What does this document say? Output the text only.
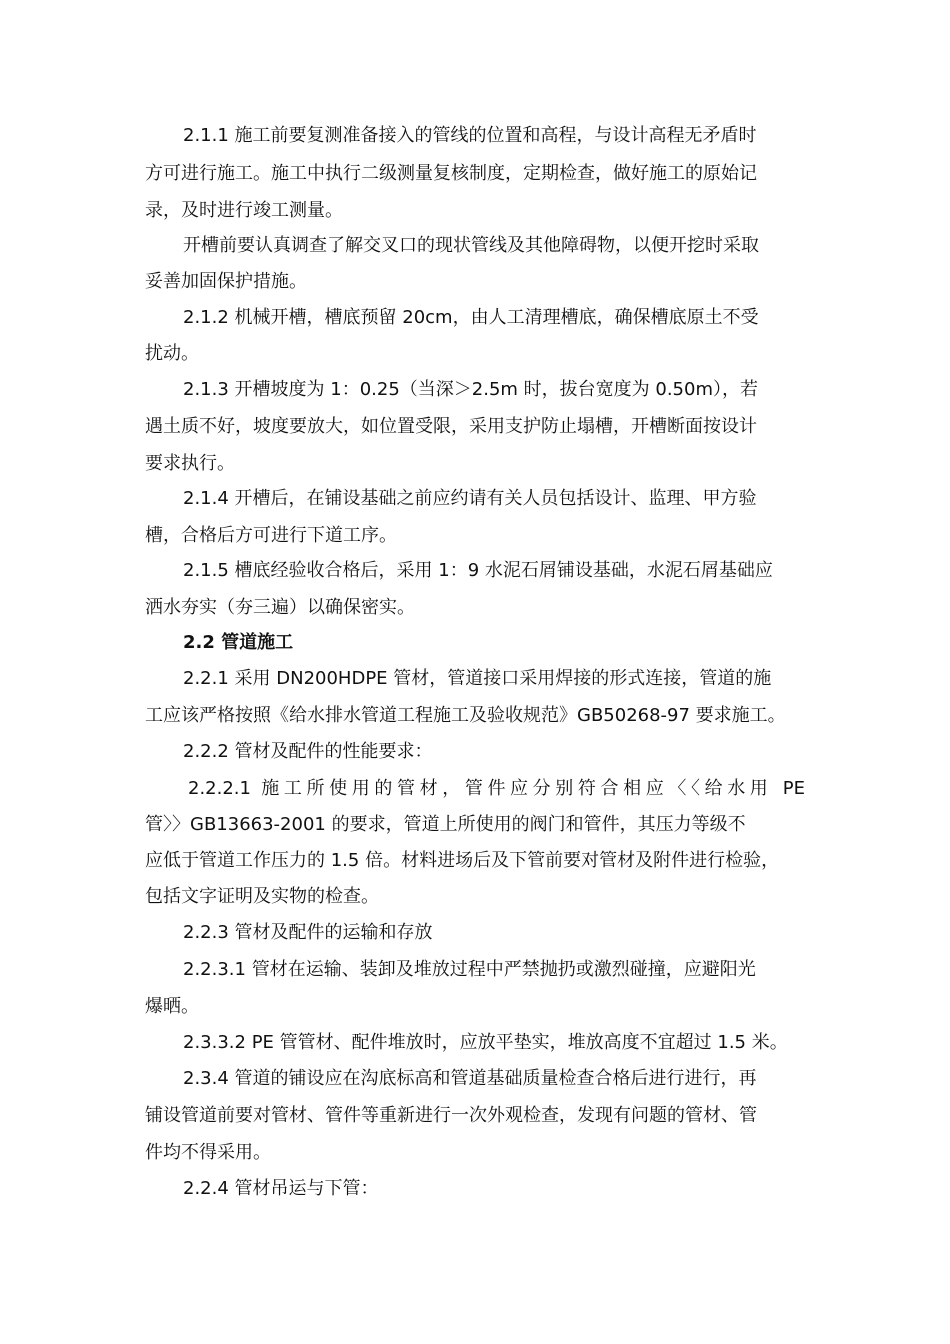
2.1.1 施工前要复测准备接入的管线的位置和高程，与设计高程无矛盾时
方可进行施工。施工中执行二级测量复核制度，定期检查，做好施工的原始记
录，及时进行竣工测量。
开槽前要认真调查了解交叉口的现状管线及其他障碍物，以便开挖时采取
妥善加固保护措施。
2.1.2 机械开槽，槽底预留 20cm，由人工清理槽底，确保槽底原土不受
扰动。
2.1.3 开槽坡度为 1：0.25（当深＞2.5m 时，拔台宽度为 0.50m），若
遇土质不好，坡度要放大，如位置受限，采用支护防止塌槽，开槽断面按设计
要求执行。
2.1.4 开槽后，在铺设基础之前应约请有关人员包括设计、监理、甲方验
槽，合格后方可进行下道工序。
2.1.5 槽底经验收合格后，采用 1：9 水泥石屑铺设基础，水泥石屑基础应
洒水夯实（夯三遍）以确保密实。
2.2 管道施工
2.2.1 采用 DN200HDPE 管材，管道接口采用焊接的形式连接，管道的施
工应该严格按照《给水排水管道工程施工及验收规范》GB50268-97 要求施工。
2.2.2 管材及配件的性能要求：
2.2.2.1 施工所使用的管材，管件应分别符合相应〈〈给水用 PE
管〉〉GB13663-2001 的要求，管道上所使用的阀门和管件，其压力等级不
应低于管道工作压力的 1.5 倍。材料进场后及下管前要对管材及附件进行检验，
包括文字证明及实物的检查。
2.2.3 管材及配件的运输和存放
2.2.3.1 管材在运输、装卸及堆放过程中严禁抛扔或激烈碰撞，应避阳光
爆晒。
2.3.3.2 PE 管管材、配件堆放时，应放平垫实，堆放高度不宜超过 1.5 米。
2.3.4 管道的铺设应在沟底标高和管道基础质量检查合格后进行进行，再
铺设管道前要对管材、管件等重新进行一次外观检查，发现有问题的管材、管
件均不得采用。
2.2.4 管材吊运与下管：
